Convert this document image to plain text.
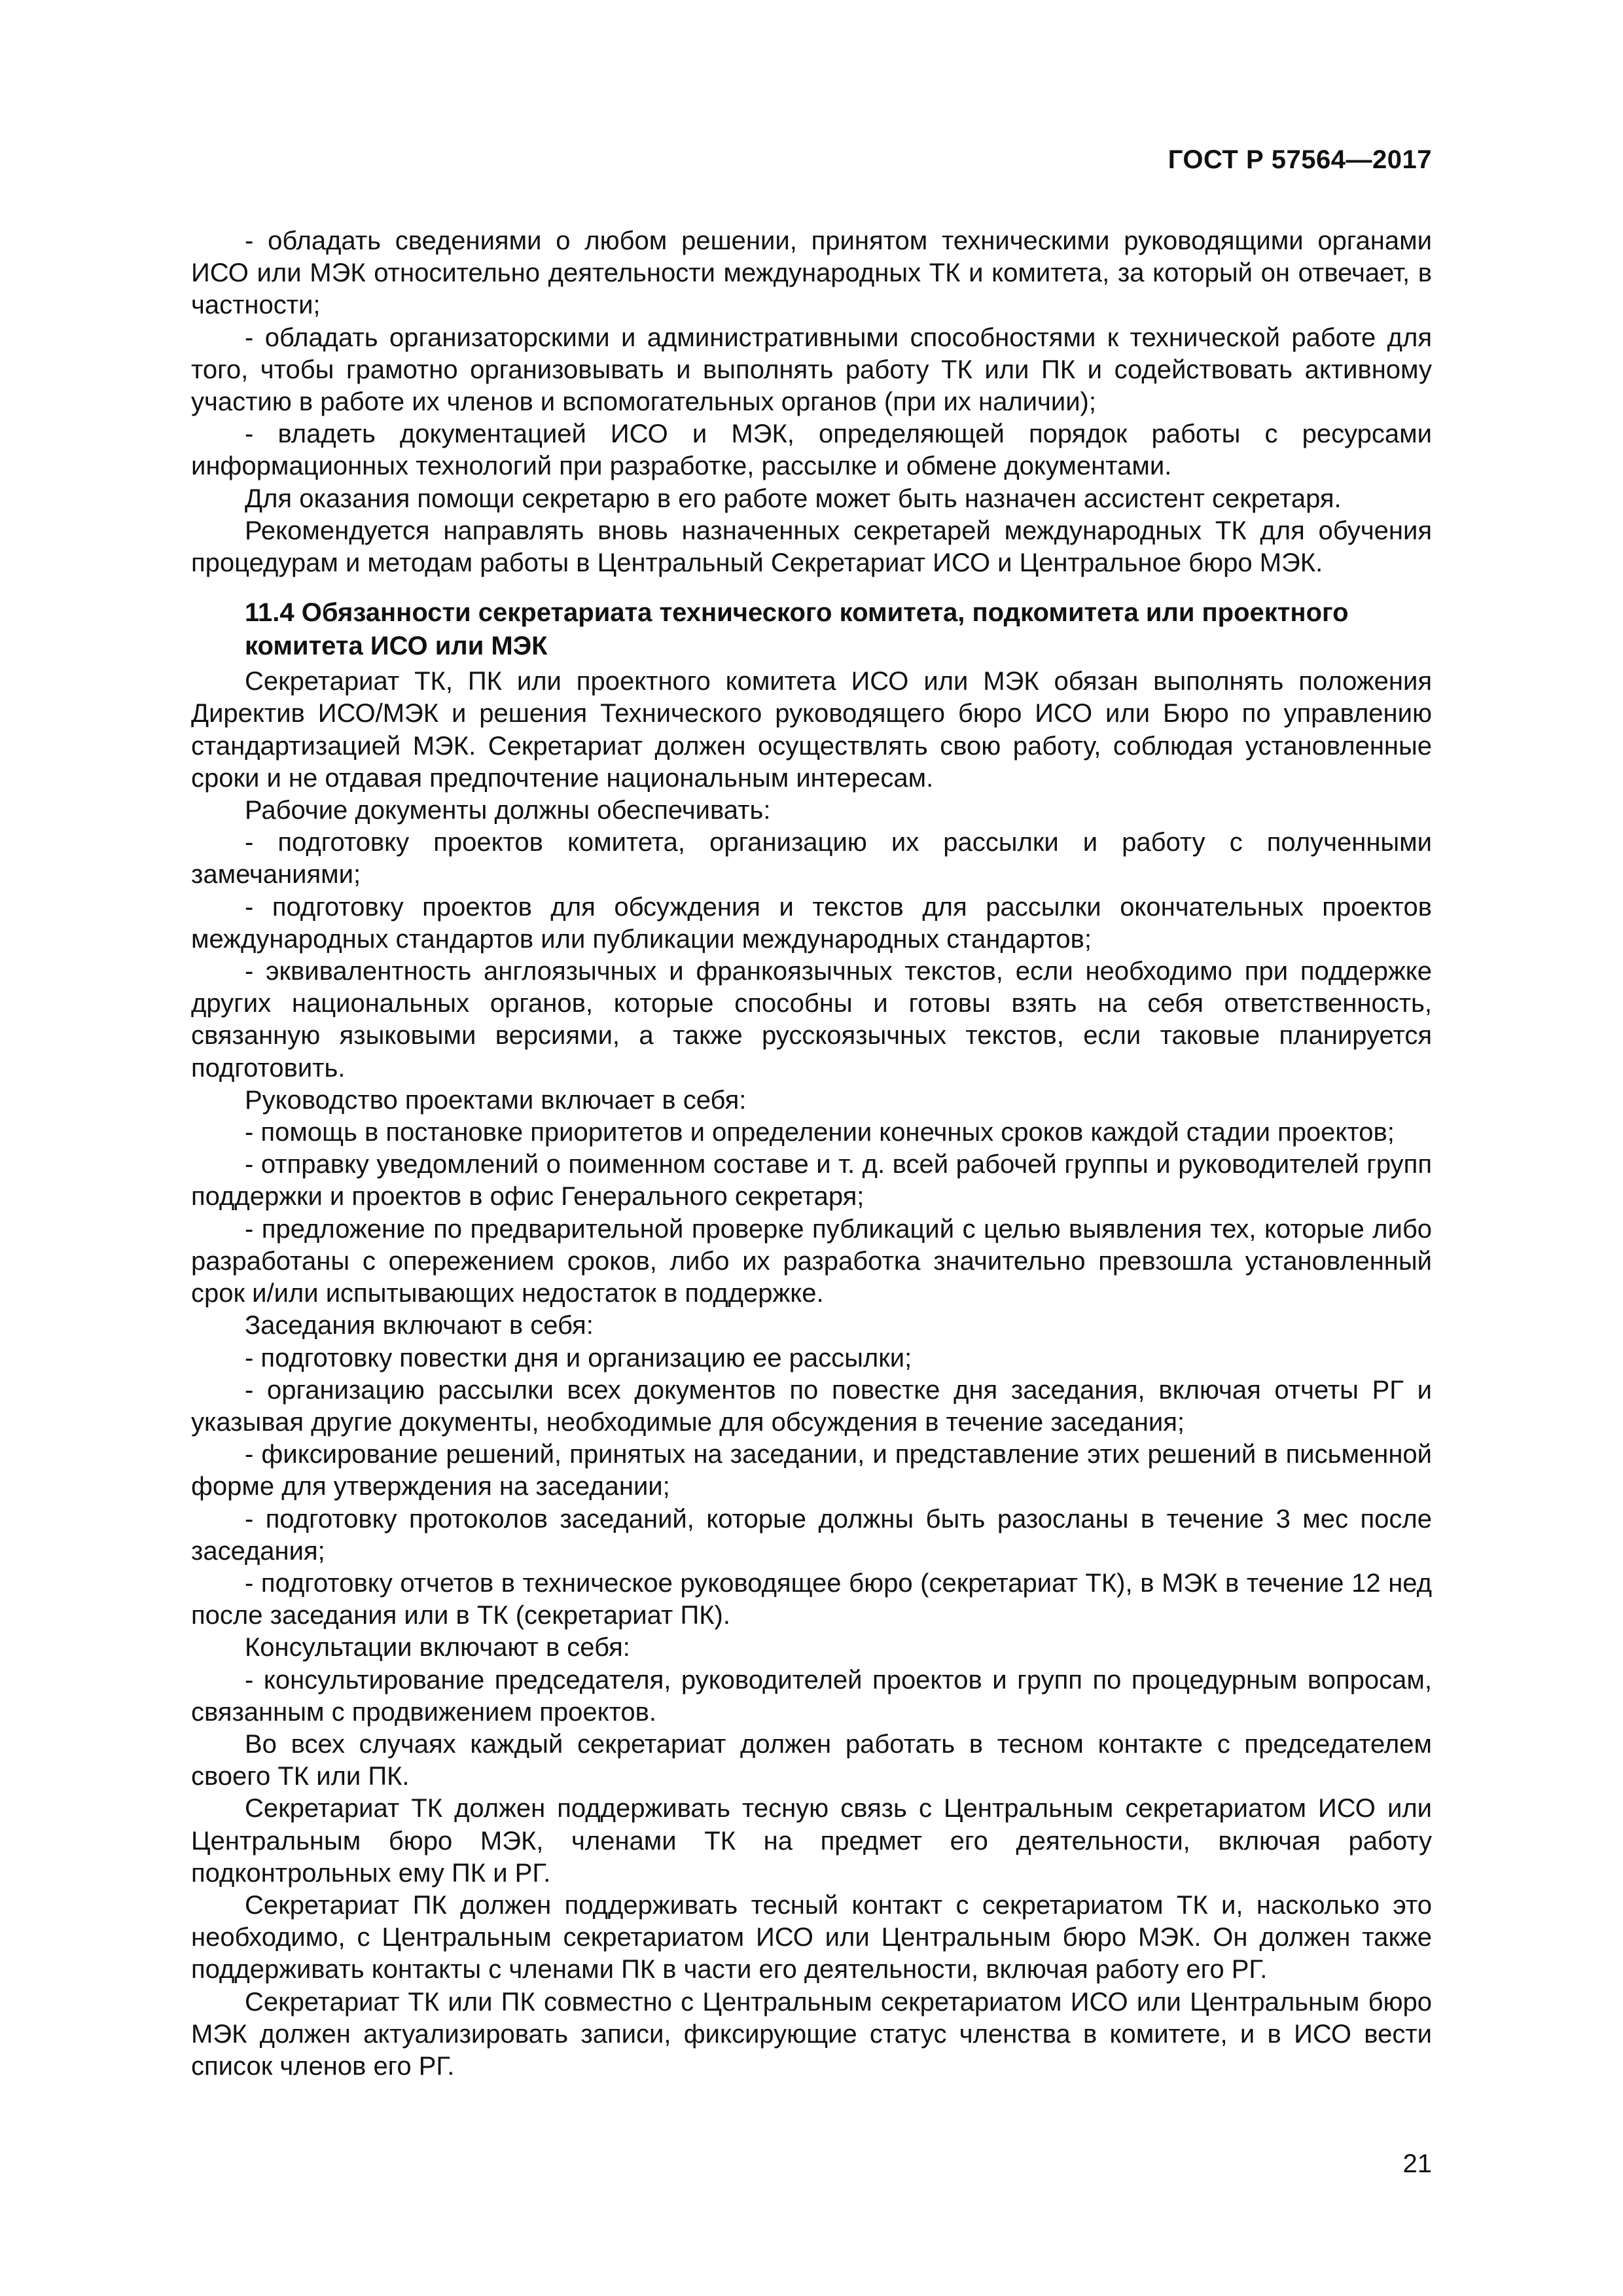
ГОСТ Р 57564—2017

- обладать сведениями о любом решении, принятом техническими руководящими органами ИСО или МЭК относительно деятельности международных ТК и комитета, за который он отвечает, в частности;

- обладать организаторскими и административными способностями к технической работе для того, чтобы грамотно организовывать и выполнять работу ТК или ПК и содействовать активному участию в работе их членов и вспомогательных органов (при их наличии);

- владеть документацией ИСО и МЭК, определяющей порядок работы с ресурсами информационных технологий при разработке, рассылке и обмене документами.

Для оказания помощи секретарю в его работе может быть назначен ассистент секретаря.

Рекомендуется направлять вновь назначенных секретарей международных ТК для обучения процедурам и методам работы в Центральный Секретариат ИСО и Центральное бюро МЭК.

11.4 Обязанности секретариата технического комитета, подкомитета или проектного комитета ИСО или МЭК

Секретариат ТК, ПК или проектного комитета ИСО или МЭК обязан выполнять положения Директив ИСО/МЭК и решения Технического руководящего бюро ИСО или Бюро по управлению стандартизацией МЭК. Секретариат должен осуществлять свою работу, соблюдая установленные сроки и не отдавая предпочтение национальным интересам.

Рабочие документы должны обеспечивать:

- подготовку проектов комитета, организацию их рассылки и работу с полученными замечаниями;

- подготовку проектов для обсуждения и текстов для рассылки окончательных проектов международных стандартов или публикации международных стандартов;

- эквивалентность англоязычных и франкоязычных текстов, если необходимо при поддержке других национальных органов, которые способны и готовы взять на себя ответственность, связанную языковыми версиями, а также русскоязычных текстов, если таковые планируется подготовить.

Руководство проектами включает в себя:

- помощь в постановке приоритетов и определении конечных сроков каждой стадии проектов;

- отправку уведомлений о поименном составе и т. д. всей рабочей группы и руководителей групп поддержки и проектов в офис Генерального секретаря;

- предложение по предварительной проверке публикаций с целью выявления тех, которые либо разработаны с опережением сроков, либо их разработка значительно превзошла установленный срок и/или испытывающих недостаток в поддержке.

Заседания включают в себя:

- подготовку повестки дня и организацию ее рассылки;

- организацию рассылки всех документов по повестке дня заседания, включая отчеты РГ и указывая другие документы, необходимые для обсуждения в течение заседания;

- фиксирование решений, принятых на заседании, и представление этих решений в письменной форме для утверждения на заседании;

- подготовку протоколов заседаний, которые должны быть разосланы в течение 3 мес после заседания;

- подготовку отчетов в техническое руководящее бюро (секретариат ТК), в МЭК в течение 12 нед после заседания или в ТК (секретариат ПК).

Консультации включают в себя:

- консультирование председателя, руководителей проектов и групп по процедурным вопросам, связанным с продвижением проектов.

Во всех случаях каждый секретариат должен работать в тесном контакте с председателем своего ТК или ПК.

Секретариат ТК должен поддерживать тесную связь с Центральным секретариатом ИСО или Центральным бюро МЭК, членами ТК на предмет его деятельности, включая работу подконтрольных ему ПК и РГ.

Секретариат ПК должен поддерживать тесный контакт с секретариатом ТК и, насколько это необходимо, с Центральным секретариатом ИСО или Центральным бюро МЭК. Он должен также поддерживать контакты с членами ПК в части его деятельности, включая работу его РГ.

Секретариат ТК или ПК совместно с Центральным секретариатом ИСО или Центральным бюро МЭК должен актуализировать записи, фиксирующие статус членства в комитете, и в ИСО вести список членов его РГ.

21
